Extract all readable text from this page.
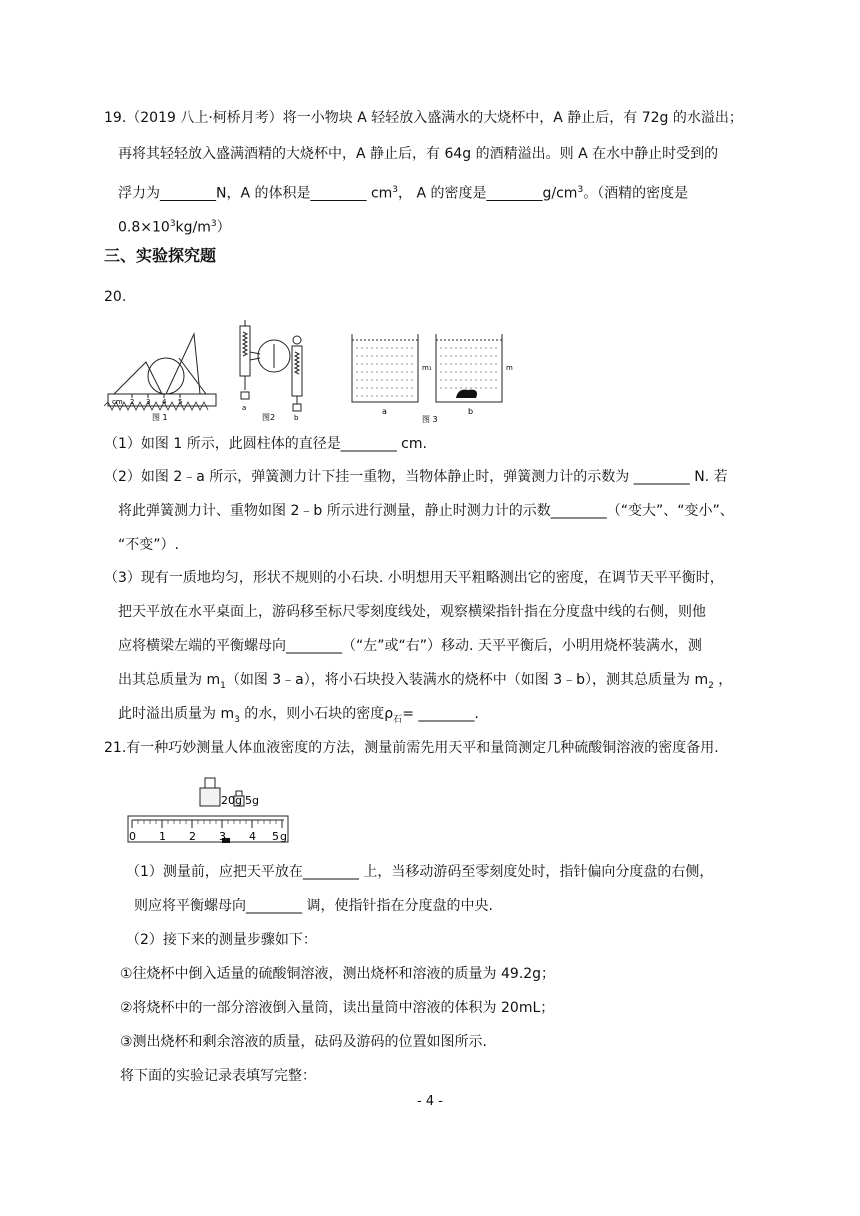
19.（2019 八上·柯桥月考）将一小物块 A 轻轻放入盛满水的大烧杯中，A 静止后，有 72g 的水溢出；
再将其轻轻放入盛满酒精的大烧杯中，A 静止后，有 64g 的酒精溢出。则 A 在水中静止时受到的
浮力为________N，A 的体积是________ $cm^3$， A 的密度是$\_\_\_\_\_\_\_\_g/cm^3$。（酒精的密度是
$0.8\times 10^3kg/m^3$）
三、实验探究题
20.
cm 2 3 4 5
图 1
a
b
图2
m₁	m
a	b
图 3
（1）如图 1 所示，此圆柱体的直径是________ cm.
（2）如图 2﹣a 所示，弹簧测力计下挂一重物，当物体静止时，弹簧测力计的示数为 ________ N. 若
将此弹簧测力计、重物如图 2﹣b 所示进行测量，静止时测力计的示数________（“变大”、“变小”、
“不变”）.
（3）现有一质地均匀，形状不规则的小石块. 小明想用天平粗略测出它的密度，在调节天平平衡时，
把天平放在水平桌面上，游码移至标尺零刻度线处，观察横梁指针指在分度盘中线的右侧，则他
应将横梁左端的平衡螺母向________（“左”或“右”）移动. 天平平衡后，小明用烧杯装满水，测
出其总质量为 $m_1$（如图 3﹣a），将小石块投入装满水的烧杯中（如图 3﹣b），测其总质量为 $m_2$ ，
此时溢出质量为 $m_3$ 的水，则小石块的密度$\rho_石=$ ________.
21.有一种巧妙测量人体血液密度的方法，测量前需先用天平和量筒测定几种硫酸铜溶液的密度备用.
20g 5g
0 1 2 3 4 5 g
（1）测量前，应把天平放在________ 上，当移动游码至零刻度处时，指针偏向分度盘的右侧，
则应将平衡螺母向________ 调，使指针指在分度盘的中央.
（2）接下来的测量步骤如下：
①往烧杯中倒入适量的硫酸铜溶液，测出烧杯和溶液的质量为 49.2g；
②将烧杯中的一部分溶液倒入量筒，读出量筒中溶液的体积为 20mL；
③测出烧杯和剩余溶液的质量，砝码及游码的位置如图所示.
将下面的实验记录表填写完整：
- 4 -
